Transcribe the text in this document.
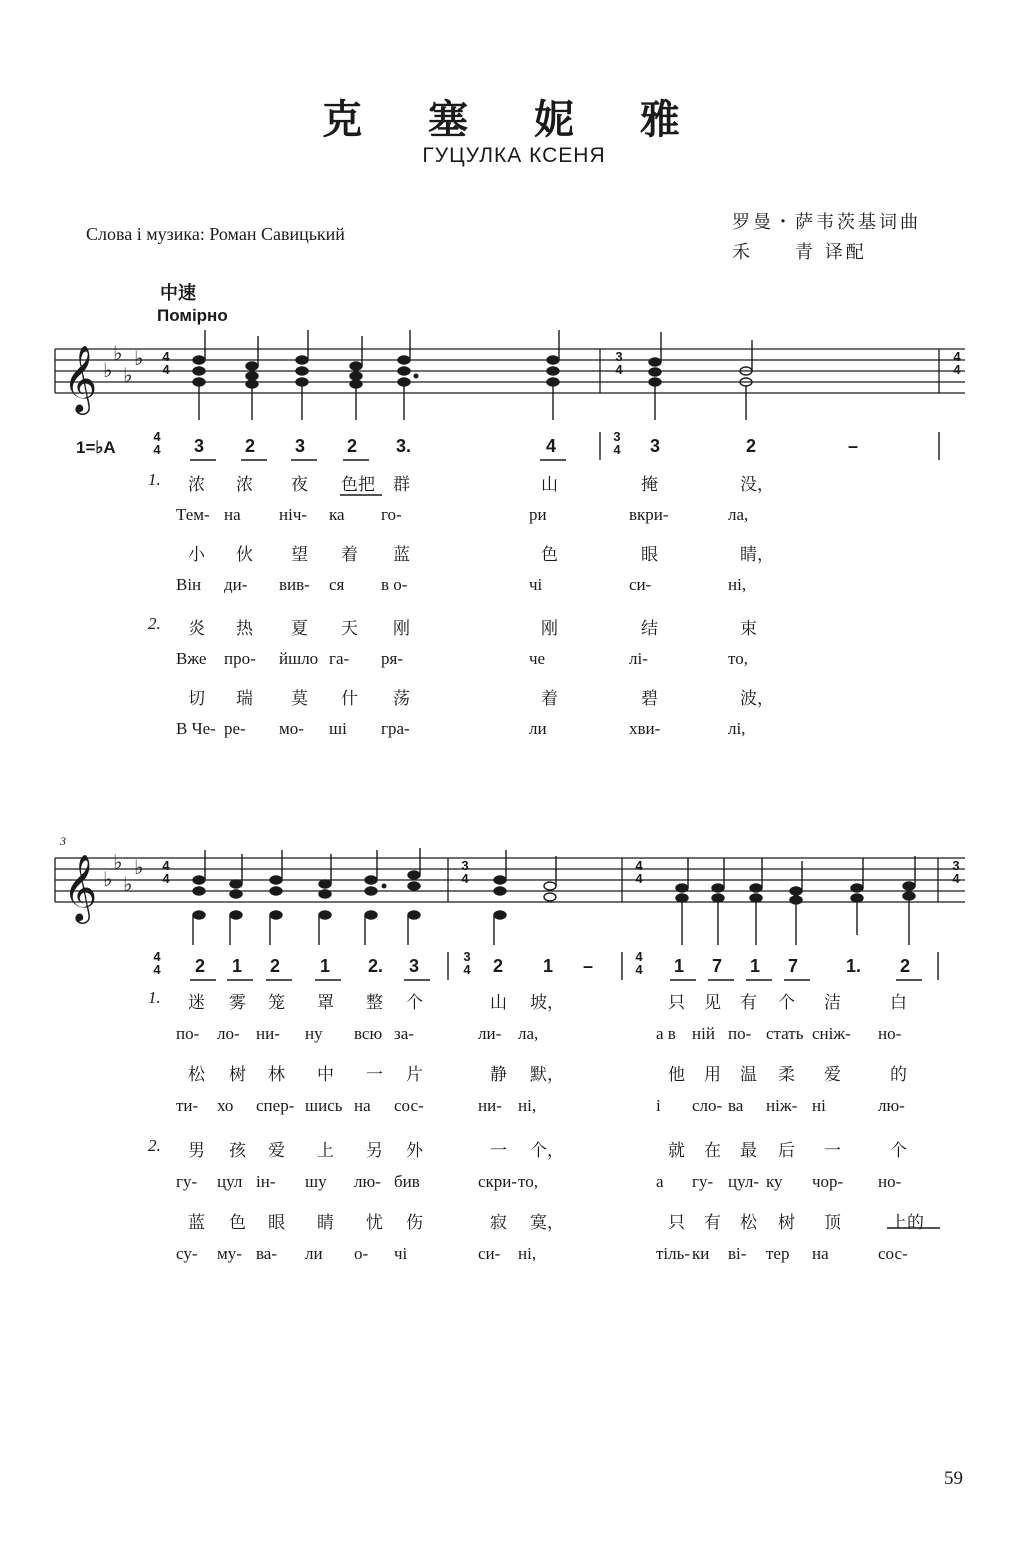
克 塞 妮 雅
ГУЦУЛКА КСЕНЯ
Слова і музика: Роман Савицький
罗曼・萨韦茨基词曲
禾　　青 译配
中速
Помірно
𝄞
𝄞
♭
♭
♭
♭
♭
♭
♭
♭
4
4
3
4
4
4
4
4
3
4
4
4
3
4
3
1=♭A
4
4
3
4
3 2 3 2 3.	4	3	2	–
4
4
3
4
4
4
2 1 2 1 2. 3	2 1 –	1 7 1 7	1. 2
1. 浓 浓 夜 色把 群	山	掩	没，
Тем- на ніч- ка го-	ри	вкри-	ла,
小 伙 望 着 蓝	色	眼	睛，
Він ди- вив- ся в о-	чі	си-	ні,
2. 炎 热 夏 天 刚	刚	结	束
Вже про- йшло га- ря-	че	лі-	то,
切 瑞 莫 什 荡	着	碧	波，
В Че- ре- мо- ші гра-	ли	хви-	лі,
1. 迷 雾 笼 罩 整 个	山 坡，	只 见 有 个 洁	白
по- ло- ни- ну всю за-	ли- ла,	а в ній по- стать сніж- но-
松 树 林 中 一 片	静 默，	他 用 温 柔 爱	的
ти- хо спер- шись на сос-	ни- ні,	і сло- ва ніж- ні	лю-
2. 男 孩 爱 上 另 外	一 个，	就 在 最 后 一	个
гу- цул ін- шу лю- бив	скри- то,	а гу- цул- ку чор- но-
蓝 色 眼 睛 忧 伤	寂 寞，	只 有 松 树 顶	上的
су- му- ва- ли о- чі	си- ні,	тіль- ки ві- тер на	сос-
59
